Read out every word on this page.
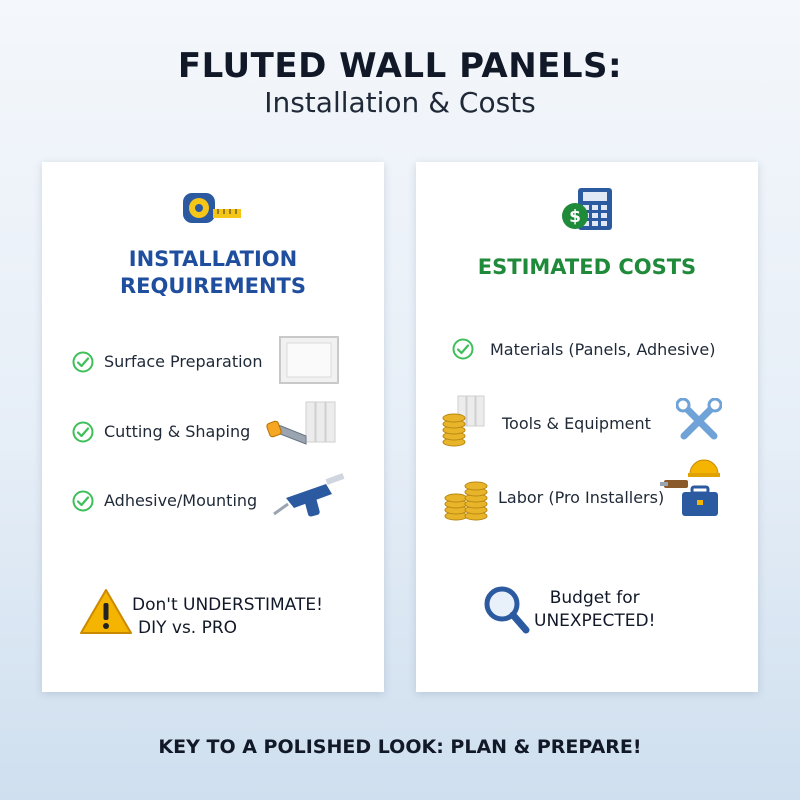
FLUTED WALL PANELS:
Installation & Costs
INSTALLATION
REQUIREMENTS
Surface Preparation
Cutting & Shaping
Adhesive/Mounting
Don't UNDERSTIMATE!
DIY vs. PRO
$
ESTIMATED COSTS
Materials (Panels, Adhesive)
Tools & Equipment
Labor (Pro Installers)
Budget for
UNEXPECTED!
KEY TO A POLISHED LOOK: PLAN & PREPARE!
